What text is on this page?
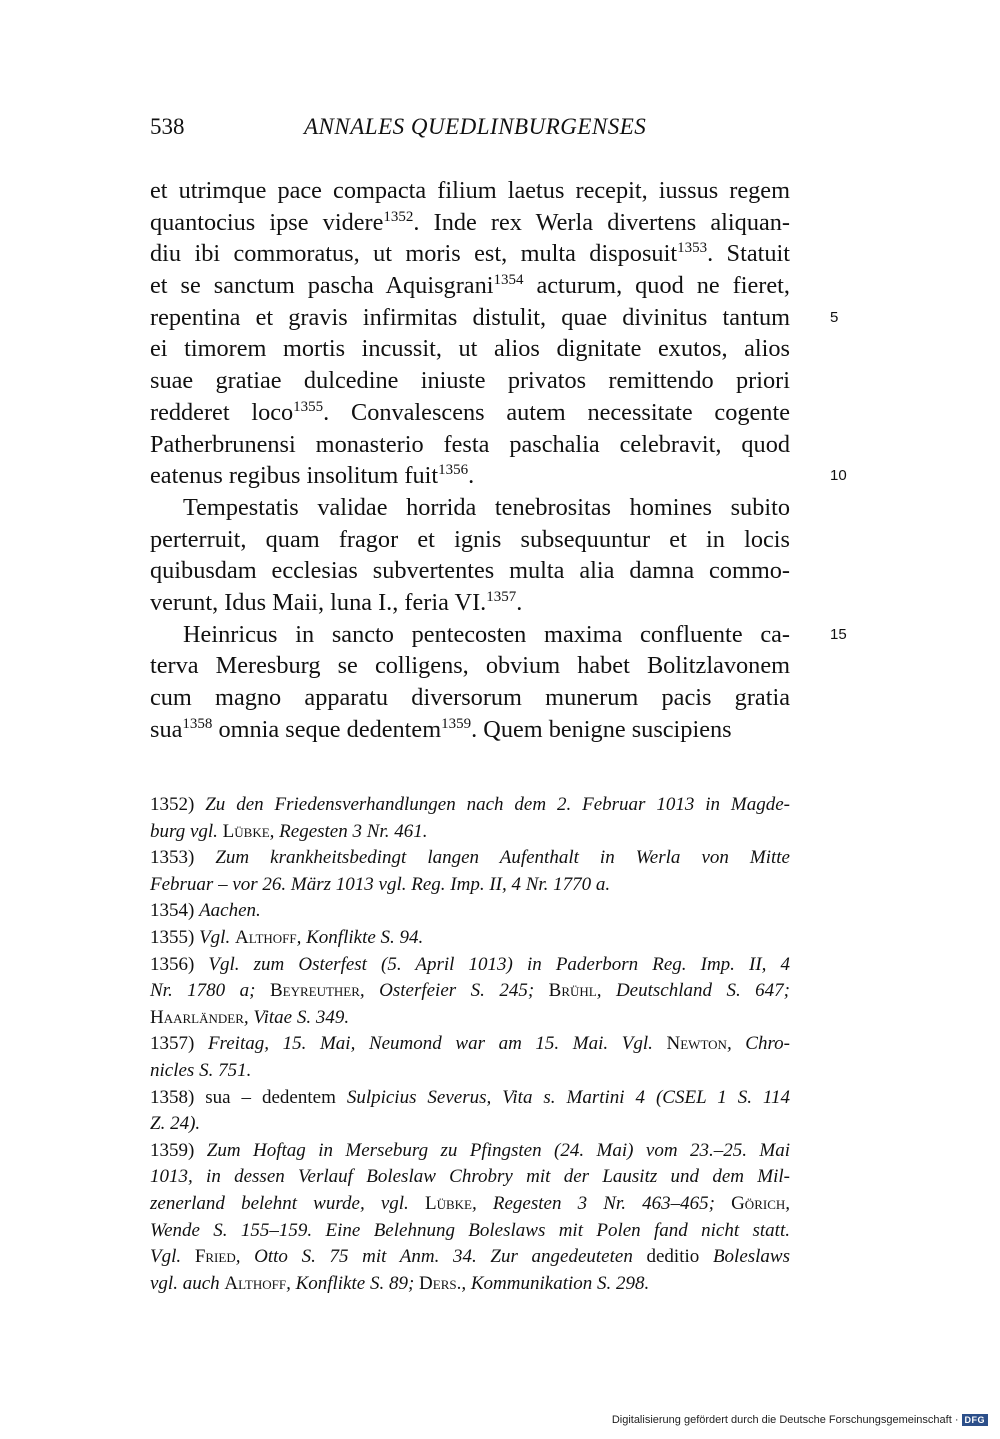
538	ANNALES QUEDLINBURGENSES
et utrimque pace compacta filium laetus recepit, iussus regem
quantocius ipse videre$^{1352}$. Inde rex Werla divertens aliquan-
diu ibi commoratus, ut moris est, multa disposuit$^{1353}$. Statuit
et se sanctum pascha Aquisgrani$^{1354}$ acturum, quod ne fieret,
repentina et gravis infirmitas distulit, quae divinitus tantum
ei timorem mortis incussit, ut alios dignitate exutos, alios
suae gratiae dulcedine iniuste privatos remittendo priori
redderet loco$^{1355}$. Convalescens autem necessitate cogente
Patherbrunensi monasterio festa paschalia celebravit, quod
eatenus regibus insolitum fuit$^{1356}$.
Tempestatis validae horrida tenebrositas homines subito
perterruit, quam fragor et ignis subsequuntur et in locis
quibusdam ecclesias subvertentes multa alia damna commo-
verunt, Idus Maii, luna I., feria VI.$^{1357}$.
Heinricus in sancto pentecosten maxima confluente ca-
terva Meresburg se colligens, obvium habet Bolitzlavonem
cum magno apparatu diversorum munerum pacis gratia
sua$^{1358}$ omnia seque dedentem$^{1359}$. Quem benigne suscipiens
5
10
15
1352) Zu den Friedensverhandlungen nach dem 2. Februar 1013 in Magde-
burg vgl. Lübke, Regesten 3 Nr. 461.
1353) Zum krankheitsbedingt langen Aufenthalt in Werla von Mitte
Februar – vor 26. März 1013 vgl. Reg. Imp. II, 4 Nr. 1770 a.
1354) Aachen.
1355) Vgl. Althoff, Konflikte S. 94.
1356) Vgl. zum Osterfest (5. April 1013) in Paderborn Reg. Imp. II, 4
Nr. 1780 a; Beyreuther, Osterfeier S. 245; Brühl, Deutschland S. 647;
Haarländer, Vitae S. 349.
1357) Freitag, 15. Mai, Neumond war am 15. Mai. Vgl. Newton, Chro-
nicles S. 751.
1358) sua – dedentem Sulpicius Severus, Vita s. Martini 4 (CSEL 1 S. 114
Z. 24).
1359) Zum Hoftag in Merseburg zu Pfingsten (24. Mai) vom 23.–25. Mai
1013, in dessen Verlauf Boleslaw Chrobry mit der Lausitz und dem Mil-
zenerland belehnt wurde, vgl. Lübke, Regesten 3 Nr. 463–465; Görich,
Wende S. 155–159. Eine Belehnung Boleslaws mit Polen fand nicht statt.
Vgl. Fried, Otto S. 75 mit Anm. 34. Zur angedeuteten deditio Boleslaws
vgl. auch Althoff, Konflikte S. 89; Ders., Kommunikation S. 298.
Digitalisierung gefördert durch die Deutsche Forschungsgemeinschaft · DFG
